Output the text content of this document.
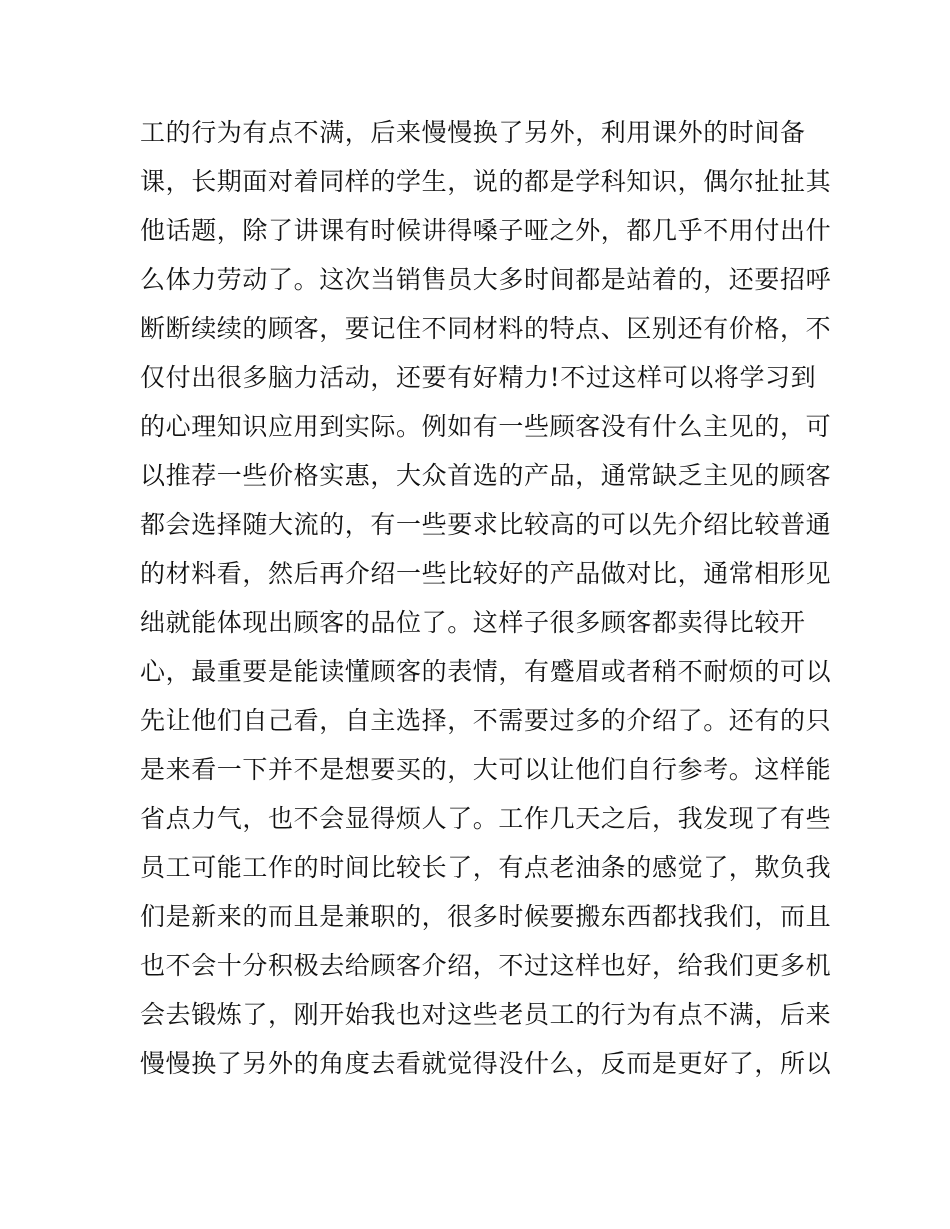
工的行为有点不满，后来慢慢换了另外，利用课外的时间备
课，长期面对着同样的学生，说的都是学科知识，偶尔扯扯其
他话题，除了讲课有时候讲得嗓子哑之外，都几乎不用付出什
么体力劳动了。这次当销售员大多时间都是站着的，还要招呼
断断续续的顾客，要记住不同材料的特点、区别还有价格，不
仅付出很多脑力活动，还要有好精力!不过这样可以将学习到
的心理知识应用到实际。例如有一些顾客没有什么主见的，可
以推荐一些价格实惠，大众首选的产品，通常缺乏主见的顾客
都会选择随大流的，有一些要求比较高的可以先介绍比较普通
的材料看，然后再介绍一些比较好的产品做对比，通常相形见
绌就能体现出顾客的品位了。这样子很多顾客都卖得比较开
心，最重要是能读懂顾客的表情，有蹙眉或者稍不耐烦的可以
先让他们自己看，自主选择，不需要过多的介绍了。还有的只
是来看一下并不是想要买的，大可以让他们自行参考。这样能
省点力气，也不会显得烦人了。工作几天之后，我发现了有些
员工可能工作的时间比较长了，有点老油条的感觉了，欺负我
们是新来的而且是兼职的，很多时候要搬东西都找我们，而且
也不会十分积极去给顾客介绍，不过这样也好，给我们更多机
会去锻炼了，刚开始我也对这些老员工的行为有点不满，后来
慢慢换了另外的角度去看就觉得没什么，反而是更好了，所以
